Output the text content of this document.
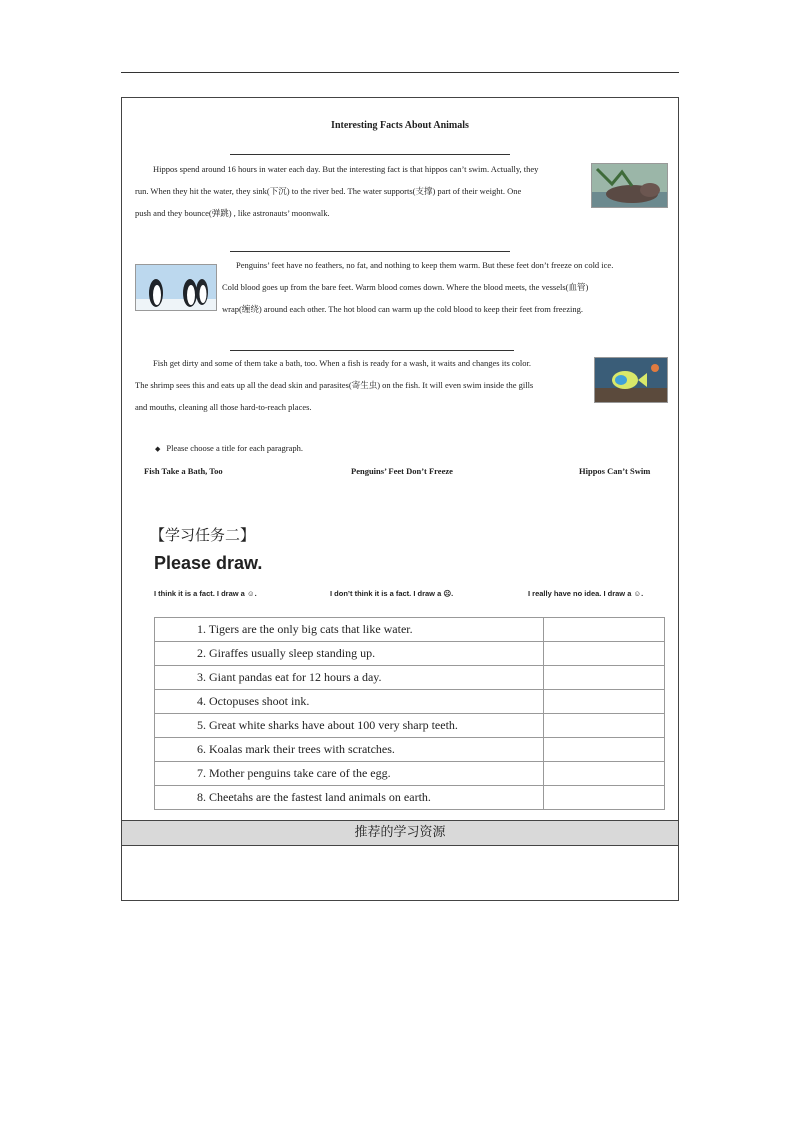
Interesting Facts About Animals
Hippos spend around 16 hours in water each day. But the interesting fact is that hippos can’t swim. Actually, they
run. When they hit the water, they sink(下沉) to the river bed. The water supports(支撑) part of their weight. One
push and they bounce(弹跳) , like astronauts’ moonwalk.
Penguins’ feet have no feathers, no fat, and nothing to keep them warm. But these feet don’t freeze on cold ice.
Cold blood goes up from the bare feet. Warm blood comes down. Where the blood meets, the vessels(血管)
wrap(缠绕) around each other. The hot blood can warm up the cold blood to keep their feet from freezing.
Fish get dirty and some of them take a bath, too. When a fish is ready for a wash, it waits and changes its color.
The shrimp sees this and eats up all the dead skin and parasites(寄生虫) on the fish. It will even swim inside the gills
and mouths, cleaning all those hard-to-reach places.
◆ Please choose a title for each paragraph.
Fish Take a Bath, Too	Penguins’ Feet Don’t Freeze	Hippos Can’t Swim
【学习任务二】
Please draw.
I think it is a fact. I draw a ☺.	I don’t think it is a fact. I draw a ☹.	I really have no idea. I draw a ☺.
1. Tigers are the only big cats that like water.	
2. Giraffes usually sleep standing up.	
3. Giant pandas eat for 12 hours a day.	
4. Octopuses shoot ink.	
5. Great white sharks have about 100 very sharp teeth.	
6. Koalas mark their trees with scratches.	
7. Mother penguins take care of the egg.	
8. Cheetahs are the fastest land animals on earth.	
推荐的学习资源
